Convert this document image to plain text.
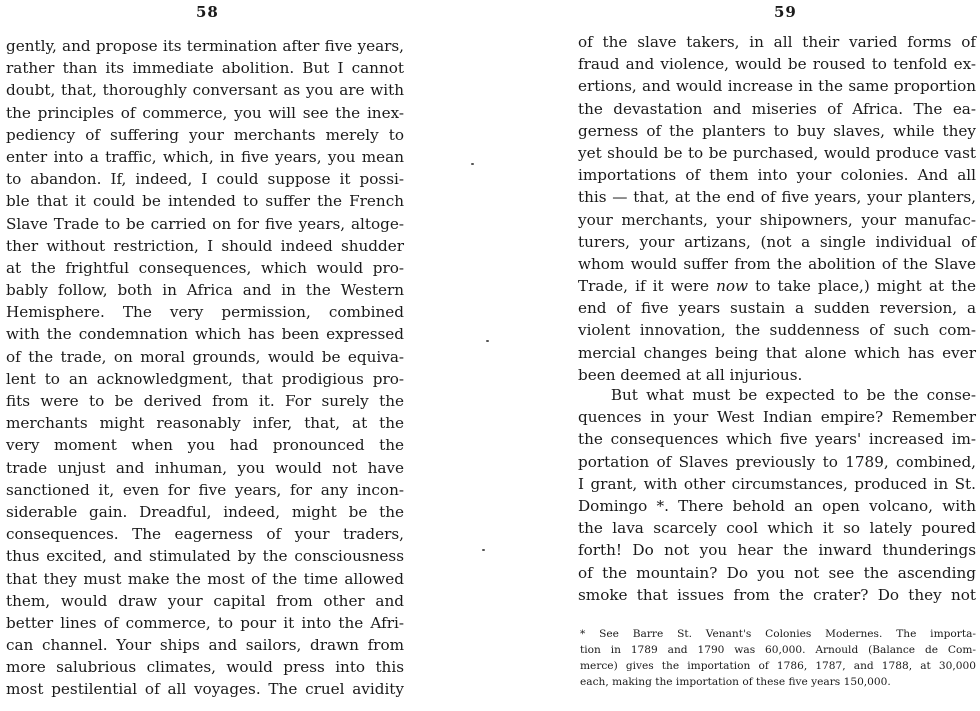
58
gently, and propose its termination after five years,
rather than its immediate abolition. But I cannot
doubt, that, thoroughly conversant as you are with
the principles of commerce, you will see the inex-
pediency of suffering your merchants merely to
enter into a traffic, which, in five years, you mean
to abandon. If, indeed, I could suppose it possi-
ble that it could be intended to suffer the French
Slave Trade to be carried on for five years, altoge-
ther without restriction, I should indeed shudder
at the frightful consequences, which would pro-
bably follow, both in Africa and in the Western
Hemisphere. The very permission, combined
with the condemnation which has been expressed
of the trade, on moral grounds, would be equiva-
lent to an acknowledgment, that prodigious pro-
fits were to be derived from it. For surely the
merchants might reasonably infer, that, at the
very moment when you had pronounced the
trade unjust and inhuman, you would not have
sanctioned it, even for five years, for any incon-
siderable gain. Dreadful, indeed, might be the
consequences. The eagerness of your traders,
thus excited, and stimulated by the consciousness
that they must make the most of the time allowed
them, would draw your capital from other and
better lines of commerce, to pour it into the Afri-
can channel. Your ships and sailors, drawn from
more salubrious climates, would press into this
most pestilential of all voyages. The cruel avidity
59
of the slave takers, in all their varied forms of
fraud and violence, would be roused to tenfold ex-
ertions, and would increase in the same proportion
the devastation and miseries of Africa. The ea-
gerness of the planters to buy slaves, while they
yet should be to be purchased, would produce vast
importations of them into your colonies. And all
this — that, at the end of five years, your planters,
your merchants, your shipowners, your manufac-
turers, your artizans, (not a single individual of
whom would suffer from the abolition of the Slave
Trade, if it were now to take place,) might at the
end of five years sustain a sudden reversion, a
violent innovation, the suddenness of such com-
mercial changes being that alone which has ever
been deemed at all injurious.
But what must be expected to be the conse-
quences in your West Indian empire? Remember
the consequences which five years' increased im-
portation of Slaves previously to 1789, combined,
I grant, with other circumstances, produced in St.
Domingo *. There behold an open volcano, with
the lava scarcely cool which it so lately poured
forth! Do not you hear the inward thunderings
of the mountain? Do you not see the ascending
smoke that issues from the crater? Do they not
* See Barre St. Venant's Colonies Modernes. The importa-
tion in 1789 and 1790 was 60,000. Arnould (Balance de Com-
merce) gives the importation of 1786, 1787, and 1788, at 30,000
each, making the importation of these five years 150,000.
